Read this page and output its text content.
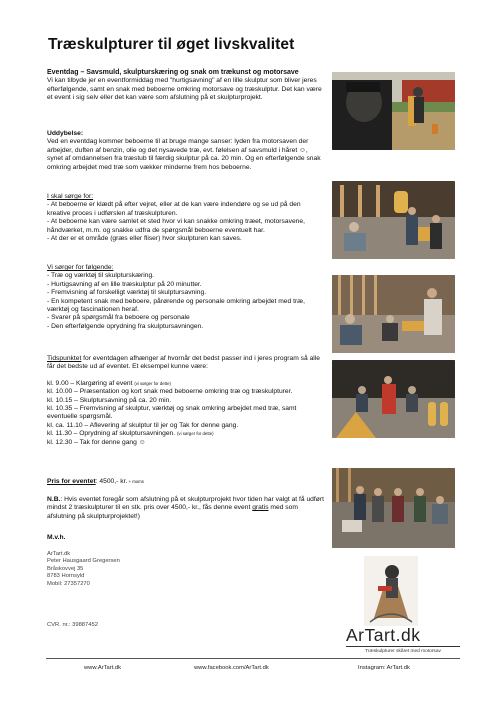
Træskulpturer til øget livskvalitet
Eventdag – Savsmuld, skulpturskæring og snak om trækunst og motorsave
Vi kan tilbyde jer en eventformiddag med "hurtigsavning" af en lille skulptur som bliver jeres efterfølgende, samt en snak med beboerne omkring motorsave og træskulptur. Det kan være et event i sig selv eller det kan være som afslutning på et skulpturprojekt.
Uddybelse:
Ved en eventdag kommer beboerne til at bruge mange sanser: lyden fra motorsaven der arbejder, duften af benzin, olie og det nysavede træ, evt. følelsen af savsmuld i håret ☺, synet af omdannelsen fra træstub til færdig skulptur på ca. 20 min. Og en efterfølgende snak omkring arbejdet med træ som vækker minderne frem hos beboerne.
I skal sørge for:
- At beboerne er klædt på efter vejret, eller at de kan være indendøre og se ud på den kreative proces i udførslen af træskulpturen.
- At beboerne kan være samlet et sted hvor vi kan snakke omkring træet, motorsavene, håndværket, m.m. og snakke udfra de spørgsmål beboerne eventuelt har.
- At der er et område (græs eller fliser) hvor skulpturen kan saves.
Vi sørger for følgende:
- Træ og værktøj til skulpturskæring.
- Hurtigsavning af en lille træskulptur på 20 minutter.
- Fremvisning af forskelligt værktøj til skulptursavning.
- En kompetent snak med beboere, pårørende og personale omkring arbejdet med træ, værktøj og fascinationen heraf.
- Svarer på spørgsmål fra beboere og personale
- Den efterfølgende oprydning fra skulptursavningen.
Tidspunktet for eventdagen afhænger af hvornår det bedst passer ind i jeres program så alle får det bedste ud af eventet. Et eksempel kunne være:
kl. 9.00 – Klargøring af event (vi sørger for dette)
kl. 10.00 – Præsentation og kort snak med beboerne omkring træ og træskulpturer.
kl. 10.15 – Skulptursavning på ca. 20 min.
kl. 10.35 – Fremvisning af skulptur, værktøj og snak omkring arbejdet med træ, samt eventuelle spørgsmål.
kl. ca. 11.10 – Aflevering af skulptur til jer og Tak for denne gang.
kl. 11.30 – Oprydning af skulptursavningen. (vi sørger for dette)
kl. 12.30 – Tak for denne gang ☺
Pris for eventet: 4500,- kr. + moms
N.B.: Hvis eventet foregår som afslutning på et skulpturprojekt hvor tiden har valgt at få udført mindst 2 træskulpturer til en stk. pris over 4500,- kr., fås denne event gratis med som afslutning på skulpturprojektet!)
M.v.h.
ArTart.dk
Peter Hausgaard Gregersen
Bråskovvej 35
8783 Hornsyld
Mobil: 27357270
CVR. nr.: 39887452	ArTart.dk
Træskulpturer skåret med motorsav
www.ArTart.dk	www.facebook.com/ArTart.dk	Instagram: ArTart.dk
